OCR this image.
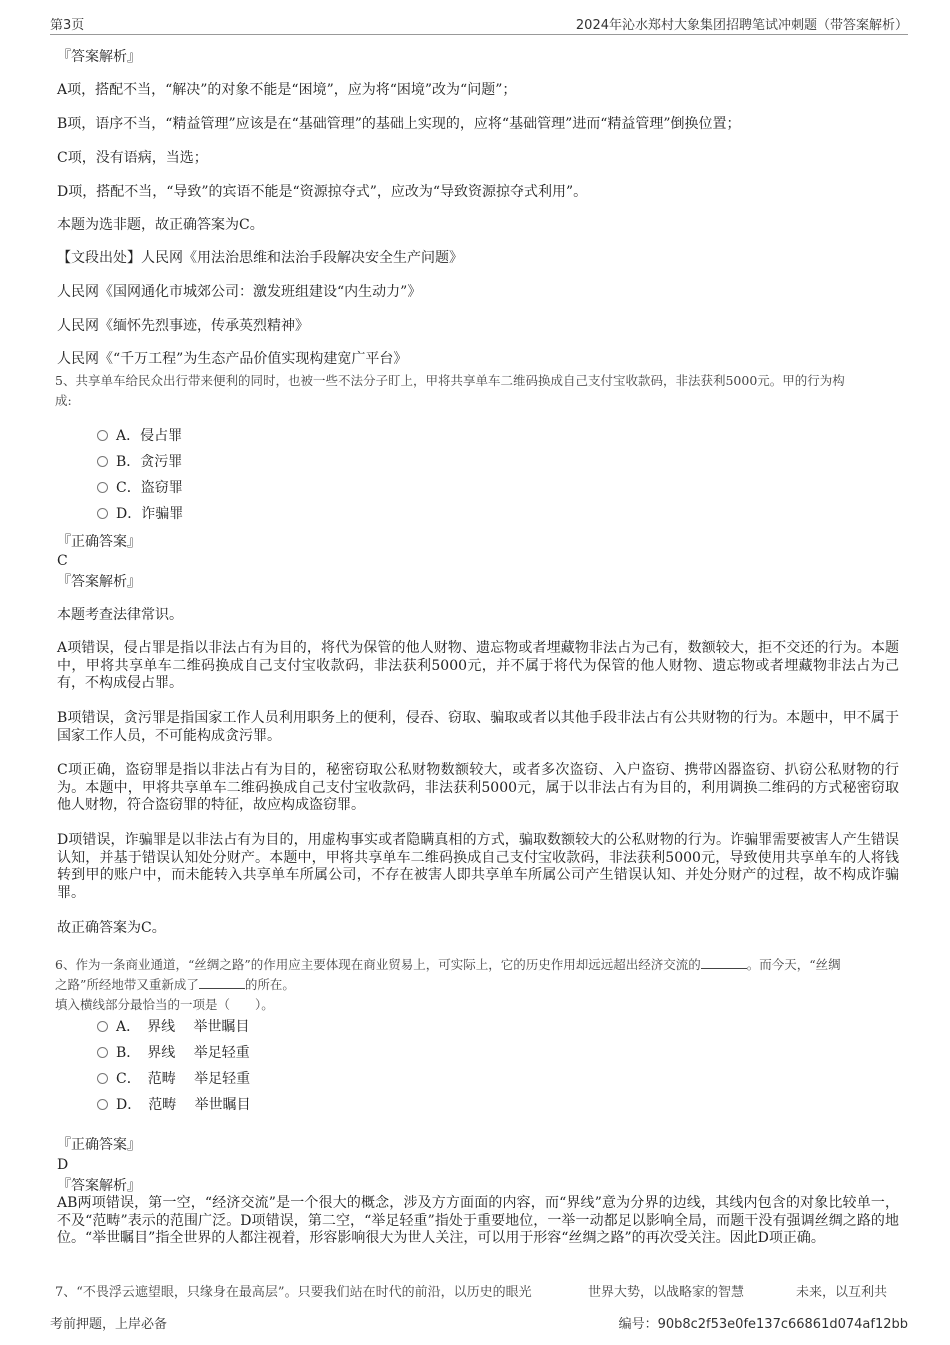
第3页	2024年沁水郑村大象集团招聘笔试冲刺题（带答案解析）
『答案解析』
A项，搭配不当，“解决”的对象不能是“困境”，应为将“困境”改为“问题”；
B项，语序不当，“精益管理”应该是在“基础管理”的基础上实现的，应将“基础管理”进而“精益管理”倒换位置；
C项，没有语病，当选；
D项，搭配不当，“导致”的宾语不能是“资源掠夺式”，应改为“导致资源掠夺式利用”。
本题为选非题，故正确答案为C。
【文段出处】人民网《用法治思维和法治手段解决安全生产问题》
人民网《国网通化市城郊公司：激发班组建设“内生动力”》
人民网《缅怀先烈事迹，传承英烈精神》
人民网《“千万工程”为生态产品价值实现构建宽广平台》
5、共享单车给民众出行带来便利的同时，也被一些不法分子盯上，甲将共享单车二维码换成自己支付宝收款码，非法获利5000元。甲的行为构
成:
A．侵占罪
B．贪污罪
C．盗窃罪
D．诈骗罪
『正确答案』
C
『答案解析』
本题考查法律常识。
A项错误，侵占罪是指以非法占有为目的，将代为保管的他人财物、遗忘物或者埋藏物非法占为己有，数额较大，拒不交还的行为。本题中，甲将共享单车二维码换成自己支付宝收款码，非法获利5000元，并不属于将代为保管的他人财物、遗忘物或者埋藏物非法占为己有，不构成侵占罪。
B项错误，贪污罪是指国家工作人员利用职务上的便利，侵吞、窃取、骗取或者以其他手段非法占有公共财物的行为。本题中，甲不属于国家工作人员，不可能构成贪污罪。
C项正确，盗窃罪是指以非法占有为目的，秘密窃取公私财物数额较大，或者多次盗窃、入户盗窃、携带凶器盗窃、扒窃公私财物的行为。本题中，甲将共享单车二维码换成自己支付宝收款码，非法获利5000元，属于以非法占有为目的，利用调换二维码的方式秘密窃取他人财物，符合盗窃罪的特征，故应构成盗窃罪。
D项错误，诈骗罪是以非法占有为目的，用虚构事实或者隐瞒真相的方式，骗取数额较大的公私财物的行为。诈骗罪需要被害人产生错误认知，并基于错误认知处分财产。本题中，甲将共享单车二维码换成自己支付宝收款码，非法获利5000元，导致使用共享单车的人将钱转到甲的账户中，而未能转入共享单车所属公司，不存在被害人即共享单车所属公司产生错误认知、并处分财产的过程，故不构成诈骗罪。
故正确答案为C。
6、作为一条商业通道，“丝绸之路”的作用应主要体现在商业贸易上，可实际上，它的历史作用却远远超出经济交流的	。而今天，“丝绸
之路”所经地带又重新成了	的所在。
填入横线部分最恰当的一项是（　　）。
A．　界线　 举世瞩目
B．　界线　 举足轻重
C．　范畴　 举足轻重
D．　范畴　 举世瞩目
『正确答案』
D
『答案解析』
AB两项错误，第一空，“经济交流”是一个很大的概念，涉及方方面面的内容，而“界线”意为分界的边线，其线内包含的对象比较单一，不及“范畴”表示的范围广泛。D项错误，第二空，“举足轻重”指处于重要地位，一举一动都足以影响全局，而题干没有强调丝绸之路的地位。“举世瞩目”指全世界的人都注视着，形容影响很大为世人关注，可以用于形容“丝绸之路”的再次受关注。因此D项正确。
7、“不畏浮云遮望眼，只缘身在最高层”。只要我们站在时代的前沿，以历史的眼光	世界大势，以战略家的智慧	未来，以互利共
考前押题，上岸必备	编号：90b8c2f53e0fe137c66861d074af12bb
